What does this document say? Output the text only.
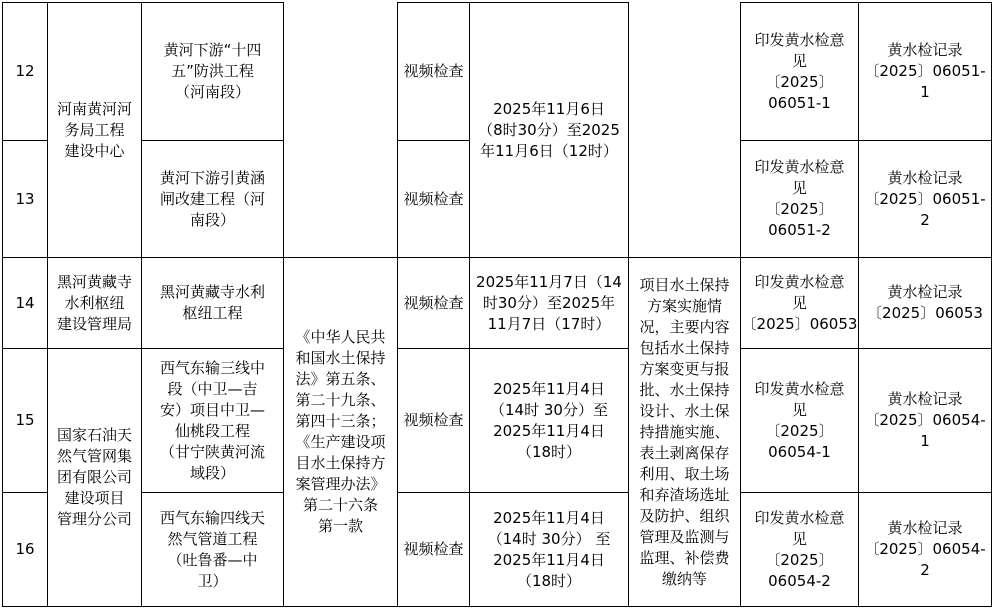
12
黄河下游“十四
五”防洪工程
（河南段）
视频检查
印发黄水检意
见
〔2025〕
06051-1
黄水检记录
〔2025〕06051-
1
13
黄河下游引黄涵
闸改建工程（河
南段）
视频检查
印发黄水检意
见
〔2025〕
06051-2
黄水检记录
〔2025〕06051-
2
河南黄河河
务局工程
建设中心
2025年11月6日
（8时30分）至2025
年11月6日（12时）
14
黑河黄藏寺
水利枢纽
建设管理局
黑河黄藏寺水利
枢纽工程
视频检查
2025年11月7日（14
时30分）至2025年
11月7日（17时）
印发黄水检意
见
〔2025〕06053
黄水检记录
〔2025〕06053
15
西气东输三线中
段（中卫—吉
安）项目中卫—
仙桃段工程
（甘宁陕黄河流
域段）
视频检查
2025年11月4日
（14时 30分）至
2025年11月4日
（18时）
印发黄水检意
见
〔2025〕
06054-1
黄水检记录
〔2025〕06054-
1
16
西气东输四线天
然气管道工程
（吐鲁番—中
卫）
视频检查
2025年11月4日
（14时 30分） 至
2025年11月4日
（18时）
印发黄水检意
见
〔2025〕
06054-2
黄水检记录
〔2025〕06054-
2
国家石油天
然气管网集
团有限公司
建设项目
管理分公司
《中华人民共
和国水土保持
法》第五条、
第二十九条、
第四十三条；
《生产建设项
目水土保持方
案管理办法》
第二十六条
第一款
项目水土保持
方案实施情
况，主要内容
包括水土保持
方案变更与报
批、水土保持
设计、水土保
持措施实施、
表土剥离保存
利用、取土场
和弃渣场选址
及防护、组织
管理及监测与
监理、补偿费
缴纳等
